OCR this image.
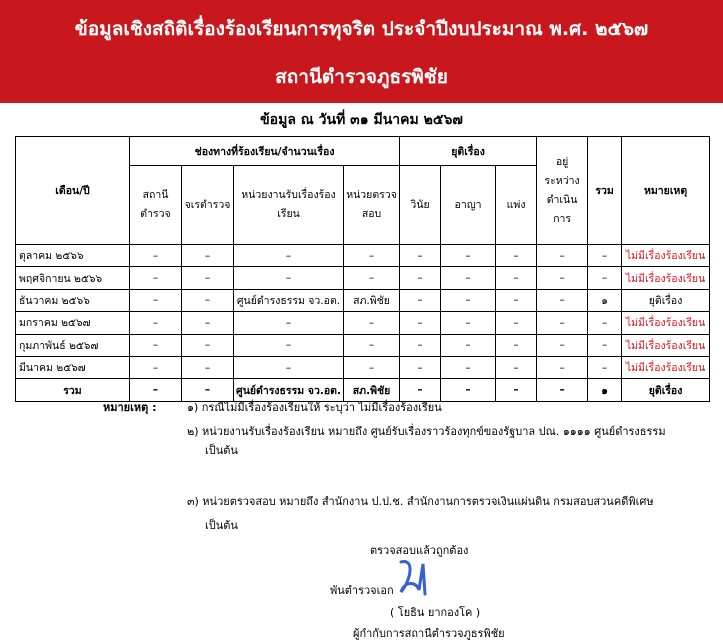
ข้อมูลเชิงสถิติเรื่องร้องเรียนการทุจริต ประจำปีงบประมาณ พ.ศ. ๒๕๖๗
สถานีตำรวจภูธรพิชัย
ข้อมูล ณ วันที่ ๓๑ มีนาคม ๒๕๖๗
เดือน/ปี	ช่องทางที่ร้องเรียน/จำนวนเรื่อง				ยุติเรื่อง			อยู่ระหว่างดำเนินการ	รวม	หมายเหตุ
	สถานีตำรวจ	จเรตำรวจ	หน่วยงานรับเรื่องร้องเรียน	หน่วยตรวจสอบ	วินัย	อาญา	แพ่ง			
ตุลาคม ๒๕๖๖	–	–	–	–	–	–	–	–	–	ไม่มีเรื่องร้องเรียน
พฤศจิกายน ๒๕๖๖	–	–	–	–	–	–	–	–	–	ไม่มีเรื่องร้องเรียน
ธันวาคม ๒๕๖๖	–	–	ศูนย์ดำรงธรรม จว.อต.	สภ.พิชัย	–	–	–	–	๑	ยุติเรื่อง
มกราคม ๒๕๖๗	–	–	–	–	–	–	–	–	–	ไม่มีเรื่องร้องเรียน
กุมภาพันธ์ ๒๕๖๗	–	–	–	–	–	–	–	–	–	ไม่มีเรื่องร้องเรียน
มีนาคม ๒๕๖๗	–	–	–	–	–	–	–	–	–	ไม่มีเรื่องร้องเรียน
รวม	–	–	ศูนย์ดำรงธรรม จว.อต.	สภ.พิชัย	–	–	–	–	๑	ยุติเรื่อง
หมายเหตุ :	๑) กรณีไม่มีเรื่องร้องเรียนให้ ระบุว่า ไม่มีเรื่องร้องเรียน
๒) หน่วยงานรับเรื่องร้องเรียน หมายถึง ศูนย์รับเรื่องราวร้องทุกข์ของรัฐบาล ปณ. ๑๑๑๑ ศูนย์ดำรงธรรม
เป็นต้น
๓) หน่วยตรวจสอบ หมายถึง สำนักงาน ป.ป.ช. สำนักงานการตรวจเงินแผ่นดิน กรมสอบสวนคดีพิเศษ
เป็นต้น
ตรวจสอบแล้วถูกต้อง
พันตำรวจเอก
( โยธิน ยากองโค )
ผู้กำกับการสถานีตำรวจภูธรพิชัย
